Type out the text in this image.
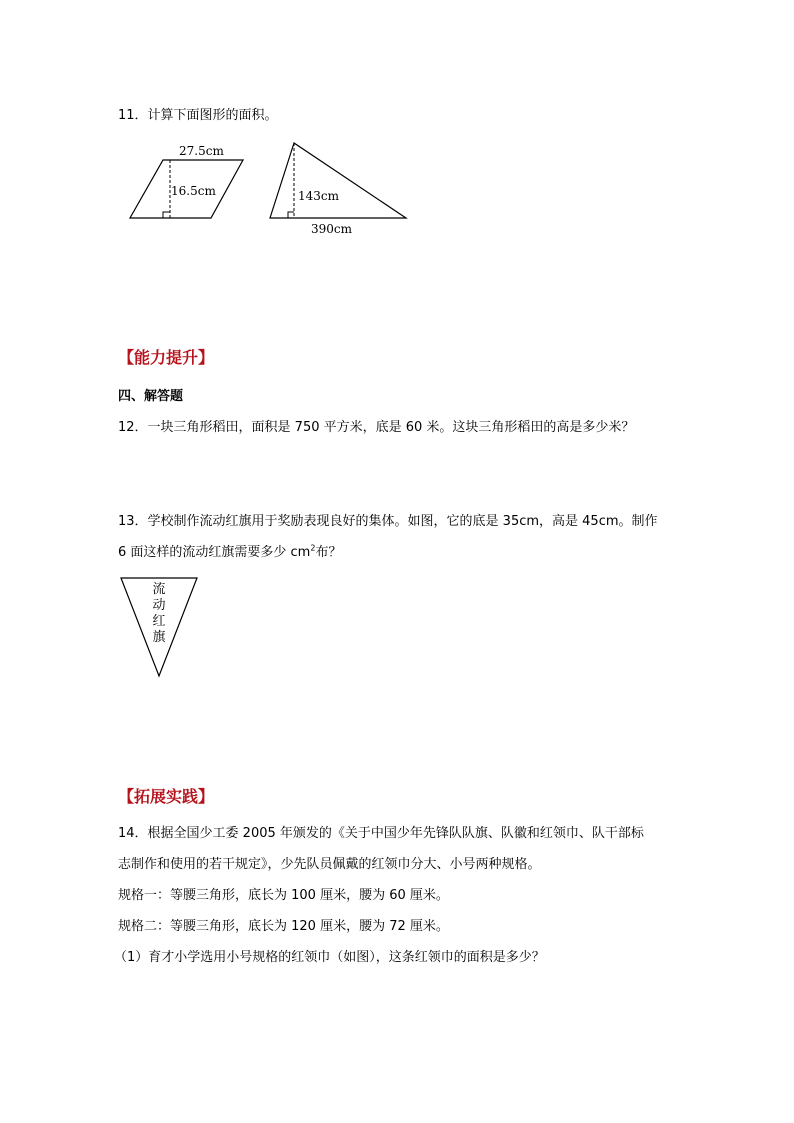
11．计算下面图形的面积。
27.5cm
16.5cm	143cm
390cm
【能力提升】
四、解答题
12．一块三角形稻田，面积是 750 平方米，底是 60 米。这块三角形稻田的高是多少米？
13．学校制作流动红旗用于奖励表现良好的集体。如图，它的底是 35cm，高是 45cm。制作
6 面这样的流动红旗需要多少 $cm^2$布？
流
动
红
旗
【拓展实践】
14．根据全国少工委 2005 年颁发的《关于中国少年先锋队队旗、队徽和红领巾、队干部标
志制作和使用的若干规定》，少先队员佩戴的红领巾分大、小号两种规格。
规格一：等腰三角形，底长为 100 厘米，腰为 60 厘米。
规格二：等腰三角形，底长为 120 厘米，腰为 72 厘米。
（1）育才小学选用小号规格的红领巾（如图），这条红领巾的面积是多少？
